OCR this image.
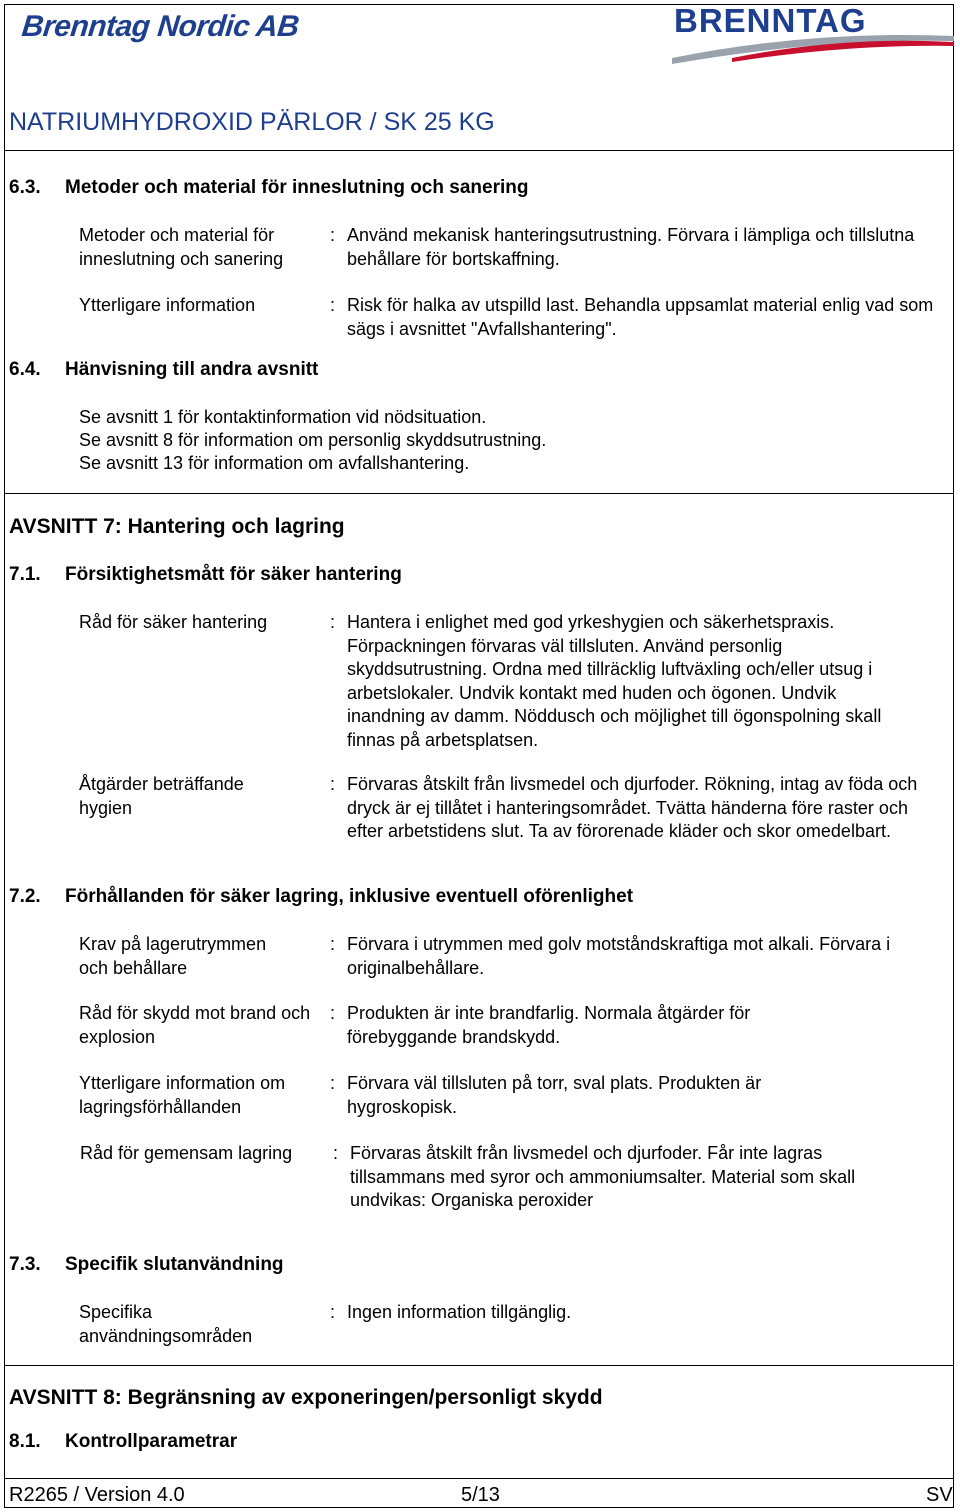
Brenntag Nordic AB	BRENNTAG
NATRIUMHYDROXID PÄRLOR / SK 25 KG
6.3. Metoder och material för inneslutning och sanering
Metoder och material för inneslutning och sanering
: Använd mekanisk hanteringsutrustning. Förvara i lämpliga och tillslutna behållare för bortskaffning.
Ytterligare information	: Risk för halka av utspilld last. Behandla uppsamlat material enlig vad som sägs i avsnittet "Avfallshantering".
6.4. Hänvisning till andra avsnitt
Se avsnitt 1 för kontaktinformation vid nödsituation.
Se avsnitt 8 för information om personlig skyddsutrustning.
Se avsnitt 13 för information om avfallshantering.
AVSNITT 7: Hantering och lagring
7.1. Försiktighetsmått för säker hantering
Råd för säker hantering	: Hantera i enlighet med god yrkeshygien och säkerhetspraxis. Förpackningen förvaras väl tillsluten. Använd personlig skyddsutrustning. Ordna med tillräcklig luftväxling och/eller utsug i arbetslokaler. Undvik kontakt med huden och ögonen. Undvik inandning av damm. Nöddusch och möjlighet till ögonspolning skall finnas på arbetsplatsen.
Åtgärder beträffande hygien
: Förvaras åtskilt från livsmedel och djurfoder. Rökning, intag av föda och dryck är ej tillåtet i hanteringsområdet. Tvätta händerna före raster och efter arbetstidens slut. Ta av förorenade kläder och skor omedelbart.
7.2. Förhållanden för säker lagring, inklusive eventuell oförenlighet
Krav på lagerutrymmen och behållare
: Förvara i utrymmen med golv motståndskraftiga mot alkali. Förvara i originalbehållare.
Råd för skydd mot brand och explosion
: Produkten är inte brandfarlig. Normala åtgärder för förebyggande brandskydd.
Ytterligare information om lagringsförhållanden
: Förvara väl tillsluten på torr, sval plats. Produkten är hygroskopisk.
Råd för gemensam lagring	: Förvaras åtskilt från livsmedel och djurfoder. Får inte lagras tillsammans med syror och ammoniumsalter. Material som skall undvikas: Organiska peroxider
7.3. Specifik slutanvändning
Specifika användningsområden
: Ingen information tillgänglig.
AVSNITT 8: Begränsning av exponeringen/personligt skydd
8.1. Kontrollparametrar
R2265 / Version 4.0	5/13	SV
